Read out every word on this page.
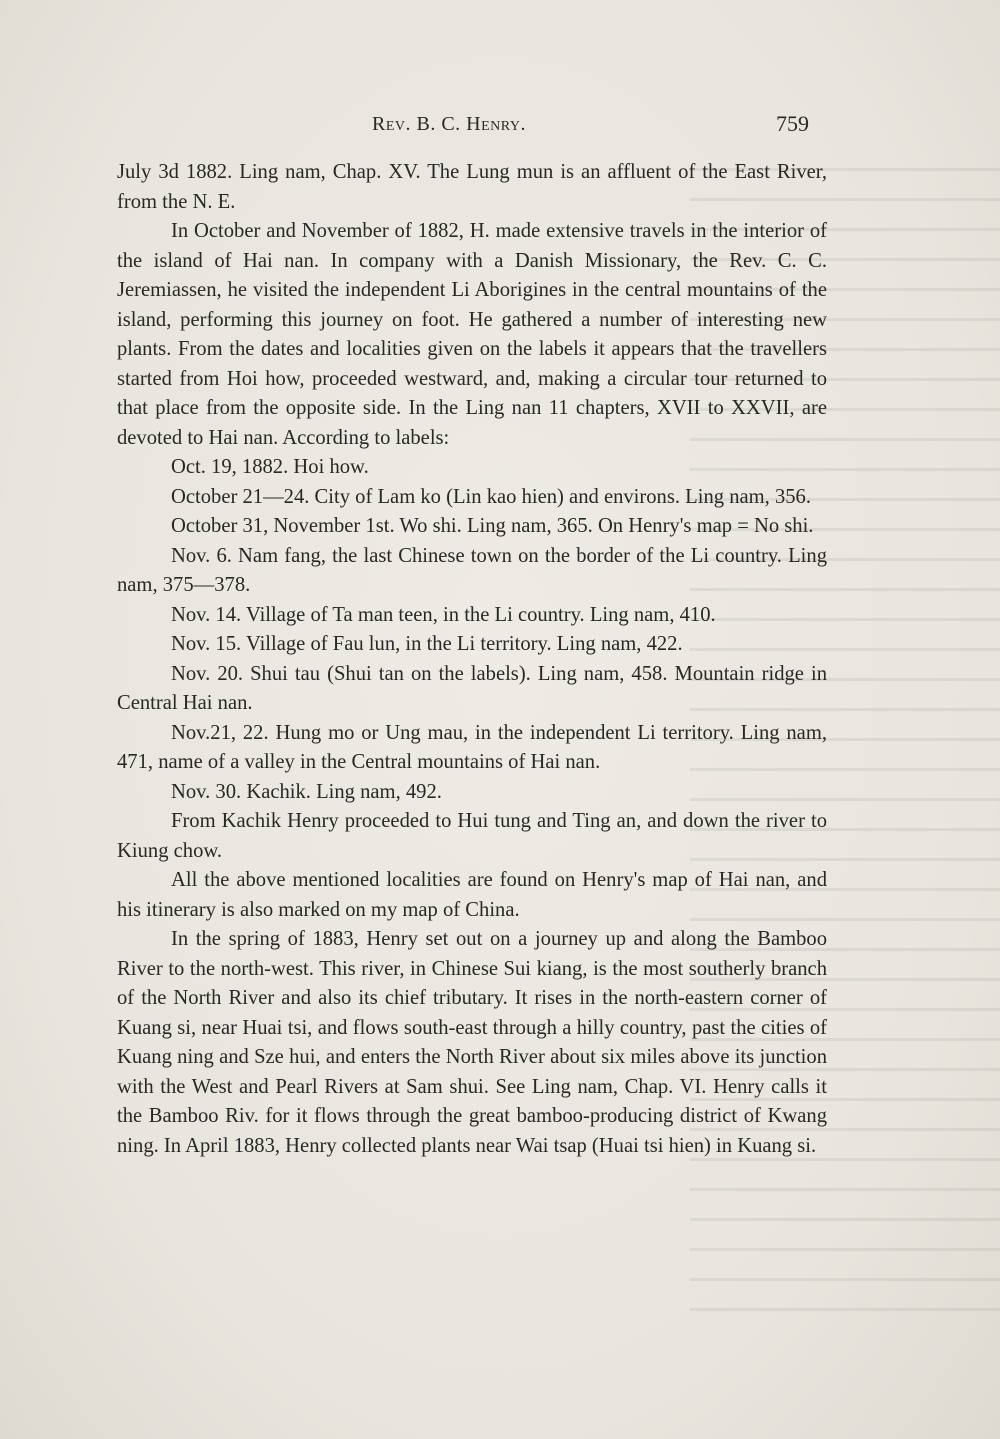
Rev. B. C. Henry.	759

July 3d 1882. Ling nam, Chap. XV. The Lung mun is an affluent of the East River, from the N. E.

In October and November of 1882, H. made extensive travels in the interior of the island of Hai nan. In company with a Danish Missionary, the Rev. C. C. Jeremiassen, he visited the independent Li Aborigines in the central mountains of the island, performing this journey on foot. He gathered a number of interesting new plants. From the dates and localities given on the labels it appears that the travellers started from Hoi how, proceeded westward, and, making a circular tour returned to that place from the opposite side. In the Ling nan 11 chapters, XVII to XXVII, are devoted to Hai nan. According to labels:

Oct. 19, 1882. Hoi how.

October 21—24. City of Lam ko (Lin kao hien) and environs. Ling nam, 356.

October 31, November 1st. Wo shi. Ling nam, 365. On Henry's map = No shi.

Nov. 6. Nam fang, the last Chinese town on the border of the Li country. Ling nam, 375—378.

Nov. 14. Village of Ta man teen, in the Li country. Ling nam, 410.

Nov. 15. Village of Fau lun, in the Li territory. Ling nam, 422.

Nov. 20. Shui tau (Shui tan on the labels). Ling nam, 458. Mountain ridge in Central Hai nan.

Nov.21, 22. Hung mo or Ung mau, in the independent Li territory. Ling nam, 471, name of a valley in the Central mountains of Hai nan.

Nov. 30. Kachik. Ling nam, 492.

From Kachik Henry proceeded to Hui tung and Ting an, and down the river to Kiung chow.

All the above mentioned localities are found on Henry's map of Hai nan, and his itinerary is also marked on my map of China.

In the spring of 1883, Henry set out on a journey up and along the Bamboo River to the north-west. This river, in Chinese Sui kiang, is the most southerly branch of the North River and also its chief tributary. It rises in the north-eastern corner of Kuang si, near Huai tsi, and flows south-east through a hilly country, past the cities of Kuang ning and Sze hui, and enters the North River about six miles above its junction with the West and Pearl Rivers at Sam shui. See Ling nam, Chap. VI. Henry calls it the Bamboo Riv. for it flows through the great bamboo-producing district of Kwang ning. In April 1883, Henry collected plants near Wai tsap (Huai tsi hien) in Kuang si.
